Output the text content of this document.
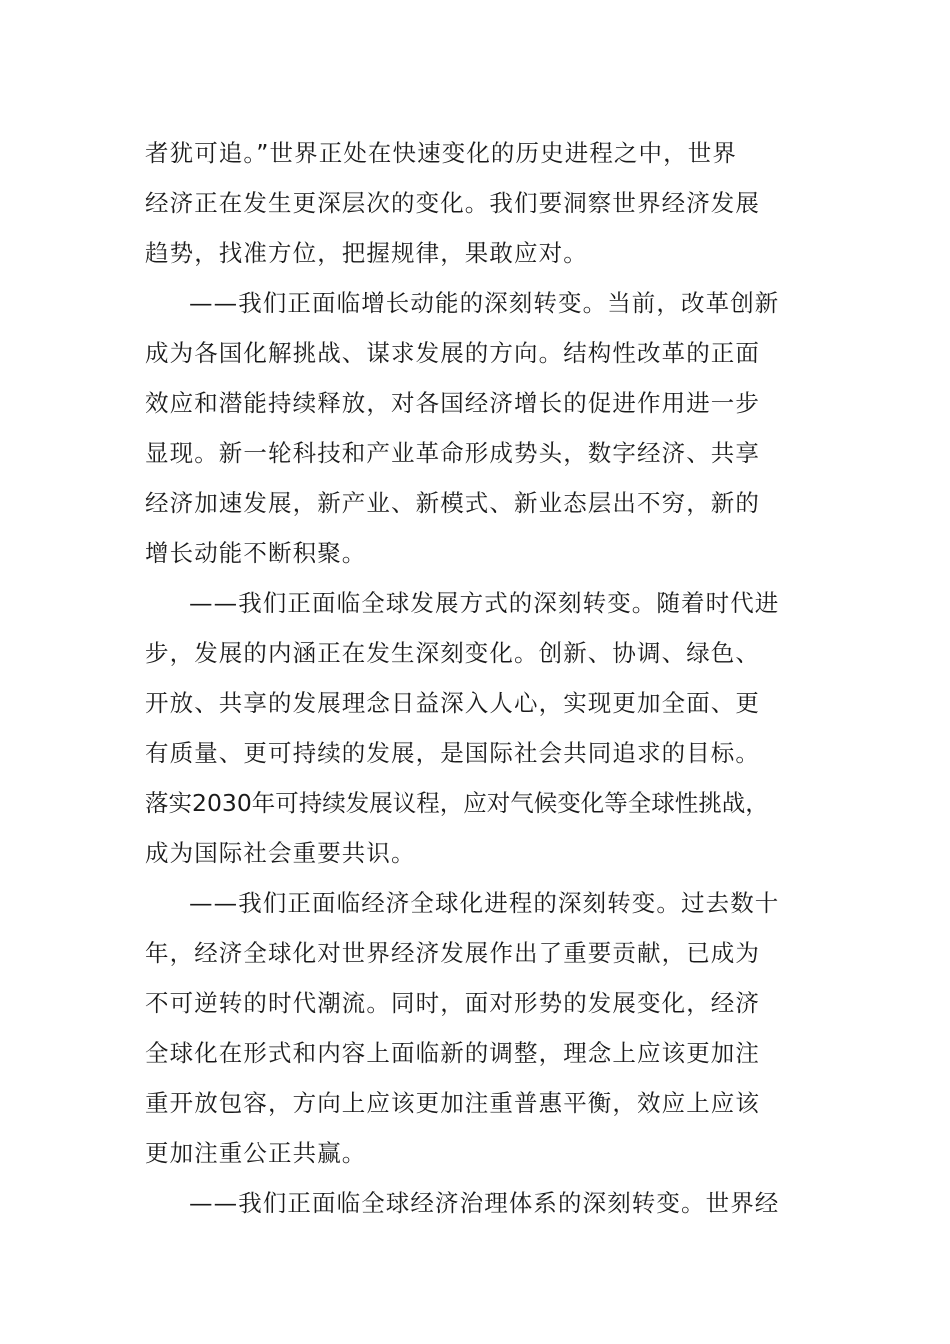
者犹可追。”世界正处在快速变化的历史进程之中，世界
经济正在发生更深层次的变化。我们要洞察世界经济发展
趋势，找准方位，把握规律，果敢应对。
——我们正面临增长动能的深刻转变。当前，改革创新
成为各国化解挑战、谋求发展的方向。结构性改革的正面
效应和潜能持续释放，对各国经济增长的促进作用进一步
显现。新一轮科技和产业革命形成势头，数字经济、共享
经济加速发展，新产业、新模式、新业态层出不穷，新的
增长动能不断积聚。
——我们正面临全球发展方式的深刻转变。随着时代进
步，发展的内涵正在发生深刻变化。创新、协调、绿色、
开放、共享的发展理念日益深入人心，实现更加全面、更
有质量、更可持续的发展，是国际社会共同追求的目标。
落实2030年可持续发展议程，应对气候变化等全球性挑战，
成为国际社会重要共识。
——我们正面临经济全球化进程的深刻转变。过去数十
年，经济全球化对世界经济发展作出了重要贡献，已成为
不可逆转的时代潮流。同时，面对形势的发展变化，经济
全球化在形式和内容上面临新的调整，理念上应该更加注
重开放包容，方向上应该更加注重普惠平衡，效应上应该
更加注重公正共赢。
——我们正面临全球经济治理体系的深刻转变。世界经
